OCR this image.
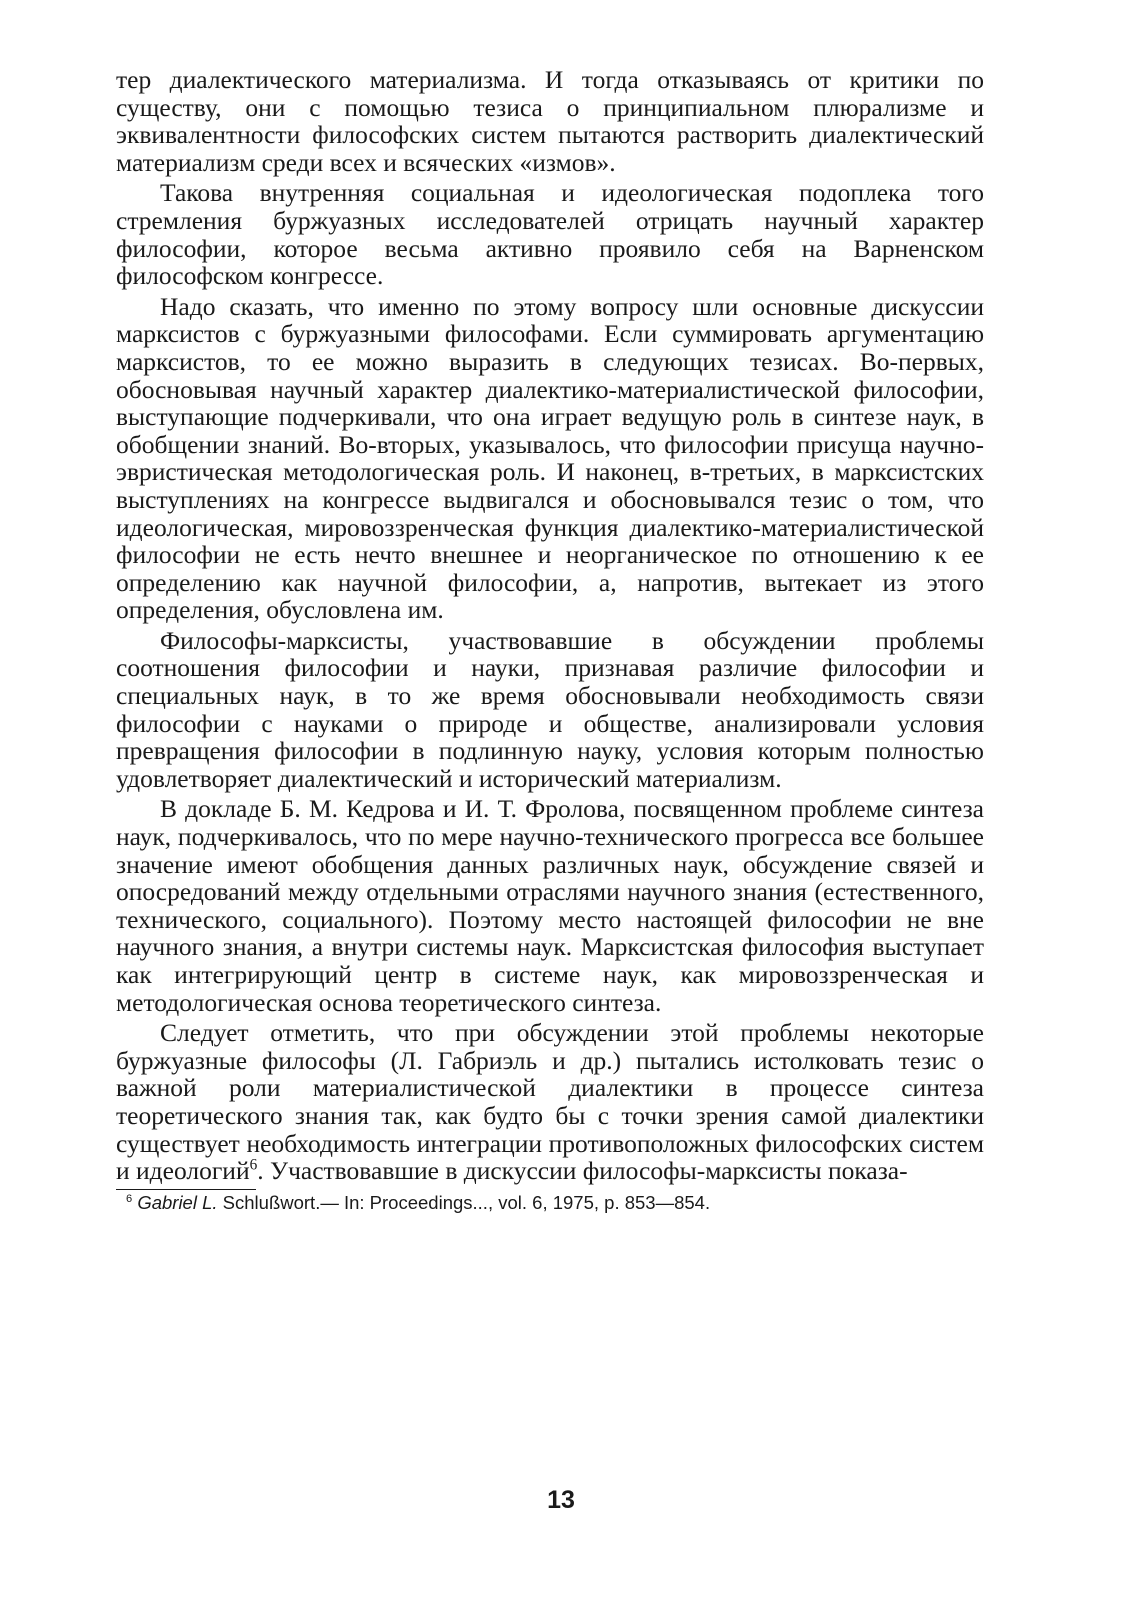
тер диалектического материализма. И тогда отказываясь от критики по существу, они с помощью тезиса о принципиальном плюрализме и эквивалентности философских систем пытаются растворить диалектический материализм среди всех и всяческих «измов».

Такова внутренняя социальная и идеологическая подоплека того стремления буржуазных исследователей отрицать научный характер философии, которое весьма активно проявило себя на Варненском философском конгрессе.

Надо сказать, что именно по этому вопросу шли основные дискуссии марксистов с буржуазными философами. Если суммировать аргументацию марксистов, то ее можно выразить в следующих тезисах. Во-первых, обосновывая научный характер диалектико-материалистической философии, выступающие подчеркивали, что она играет ведущую роль в синтезе наук, в обобщении знаний. Во-вторых, указывалось, что философии присуща научно-эвристическая методологическая роль. И наконец, в-третьих, в марксистских выступлениях на конгрессе выдвигался и обосновывался тезис о том, что идеологическая, мировоззренческая функция диалектико-материалистической философии не есть нечто внешнее и неорганическое по отношению к ее определению как научной философии, а, напротив, вытекает из этого определения, обусловлена им.

Философы-марксисты, участвовавшие в обсуждении проблемы соотношения философии и науки, признавая различие философии и специальных наук, в то же время обосновывали необходимость связи философии с науками о природе и обществе, анализировали условия превращения философии в подлинную науку, условия которым полностью удовлетворяет диалектический и исторический материализм.

В докладе Б. М. Кедрова и И. Т. Фролова, посвященном проблеме синтеза наук, подчеркивалось, что по мере научно-технического прогресса все большее значение имеют обобщения данных различных наук, обсуждение связей и опосредований между отдельными отраслями научного знания (естественного, технического, социального). Поэтому место настоящей философии не вне научного знания, а внутри системы наук. Марксистская философия выступает как интегрирующий центр в системе наук, как мировоззренческая и методологическая основа теоретического синтеза.

Следует отметить, что при обсуждении этой проблемы некоторые буржуазные философы (Л. Габриэль и др.) пытались истолковать тезис о важной роли материалистической диалектики в процессе синтеза теоретического знания так, как будто бы с точки зрения самой диалектики существует необходимость интеграции противоположных философских систем и идеологий$^6$. Участвовавшие в дискуссии философы-марксисты показа-

$^6$ Gabriel L. Schlußwort.— In: Proceedings..., vol. 6, 1975, p. 853—854.
13
